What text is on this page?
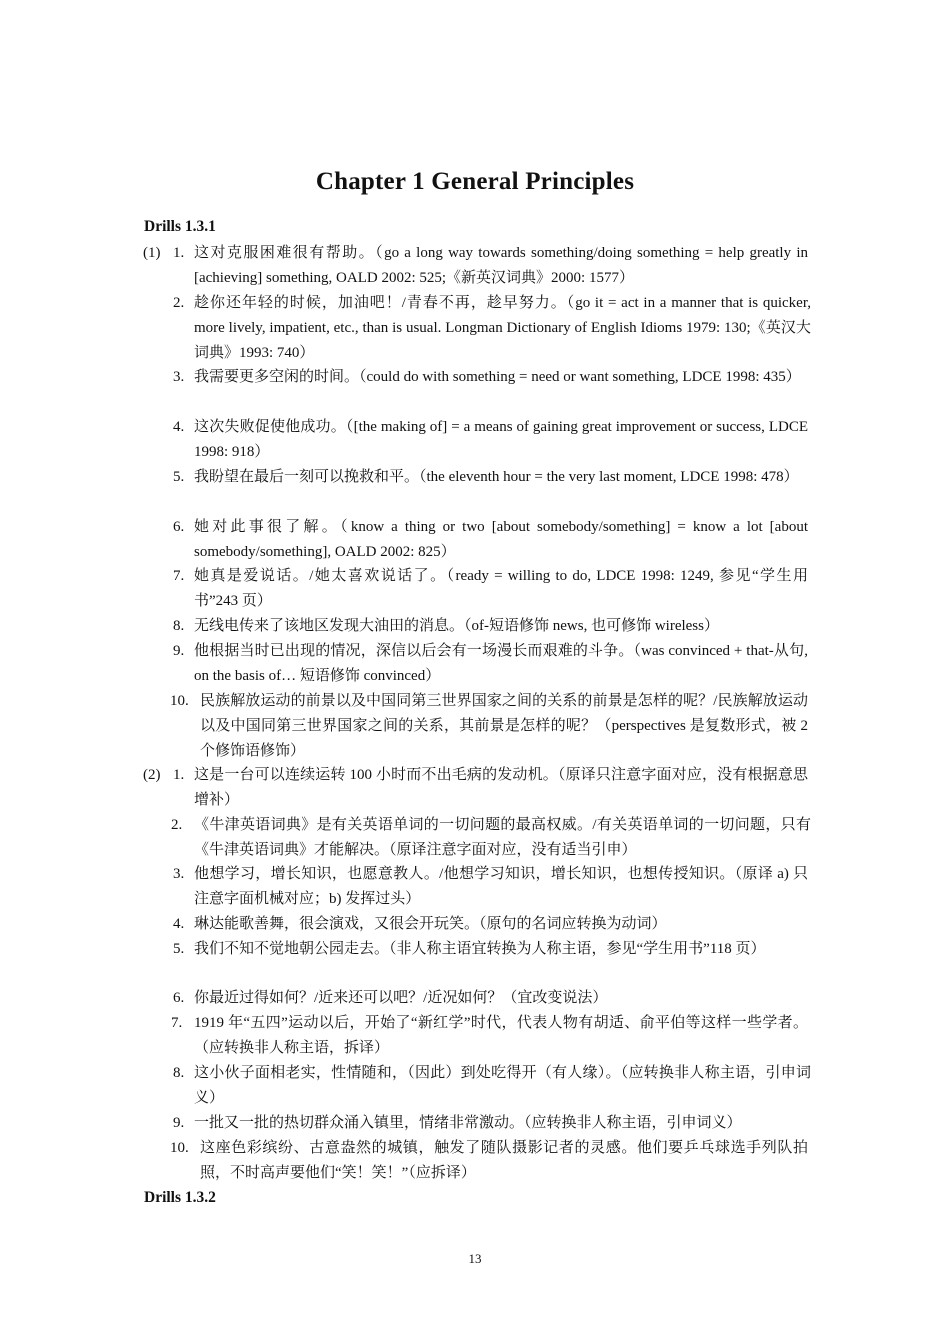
Chapter 1 General Principles
Drills 1.3.1
(1) 1. 这对克服困难很有帮助。（go a long way towards something/doing something = help greatly in [achieving] something, OALD 2002: 525;《新英汉词典》2000: 1577）
2. 趁你还年轻的时候，加油吧！/青春不再，趁早努力。（go it = act in a manner that is quicker, more lively, impatient, etc., than is usual. Longman Dictionary of English Idioms 1979: 130;《英汉大词典》1993: 740）
3. 我需要更多空闲的时间。（could do with something = need or want something, LDCE 1998: 435）
4. 这次失败促使他成功。（[the making of] = a means of gaining great improvement or success, LDCE 1998: 918）
5. 我盼望在最后一刻可以挽救和平。（the eleventh hour = the very last moment, LDCE 1998: 478）
6. 她对此事很了解。（know a thing or two [about somebody/something] = know a lot [about somebody/something], OALD 2002: 825）
7. 她真是爱说话。/她太喜欢说话了。（ready = willing to do, LDCE 1998: 1249, 参见“学生用书”243 页）
8. 无线电传来了该地区发现大油田的消息。（of-短语修饰 news, 也可修饰 wireless）
9. 他根据当时已出现的情况，深信以后会有一场漫长而艰难的斗争。（was convinced + that-从句, on the basis of… 短语修饰 convinced）
10. 民族解放运动的前景以及中国同第三世界国家之间的关系的前景是怎样的呢？/民族解放运动以及中国同第三世界国家之间的关系，其前景是怎样的呢？（perspectives 是复数形式，被 2 个修饰语修饰）
(2) 1. 这是一台可以连续运转 100 小时而不出毛病的发动机。（原译只注意字面对应，没有根据意思增补）
2. 《牛津英语词典》是有关英语单词的一切问题的最高权威。/有关英语单词的一切问题，只有《牛津英语词典》才能解决。（原译注意字面对应，没有适当引申）
3. 他想学习，增长知识，也愿意教人。/他想学习知识，增长知识，也想传授知识。（原译 a) 只注意字面机械对应；b) 发挥过头）
4. 琳达能歌善舞，很会演戏，又很会开玩笑。（原句的名词应转换为动词）
5. 我们不知不觉地朝公园走去。（非人称主语宜转换为人称主语，参见“学生用书”118 页）
6. 你最近过得如何？/近来还可以吧？/近况如何？（宜改变说法）
7. 1919 年“五四”运动以后，开始了“新红学”时代，代表人物有胡适、俞平伯等这样一些学者。（应转换非人称主语，拆译）
8. 这小伙子面相老实，性情随和，（因此）到处吃得开（有人缘）。（应转换非人称主语，引申词义）
9. 一批又一批的热切群众涌入镇里，情绪非常激动。（应转换非人称主语，引申词义）
10. 这座色彩缤纷、古意盎然的城镇，触发了随队摄影记者的灵感。他们要乒乓球选手列队拍照，不时高声要他们“笑！笑！”（应拆译）
Drills 1.3.2
13
